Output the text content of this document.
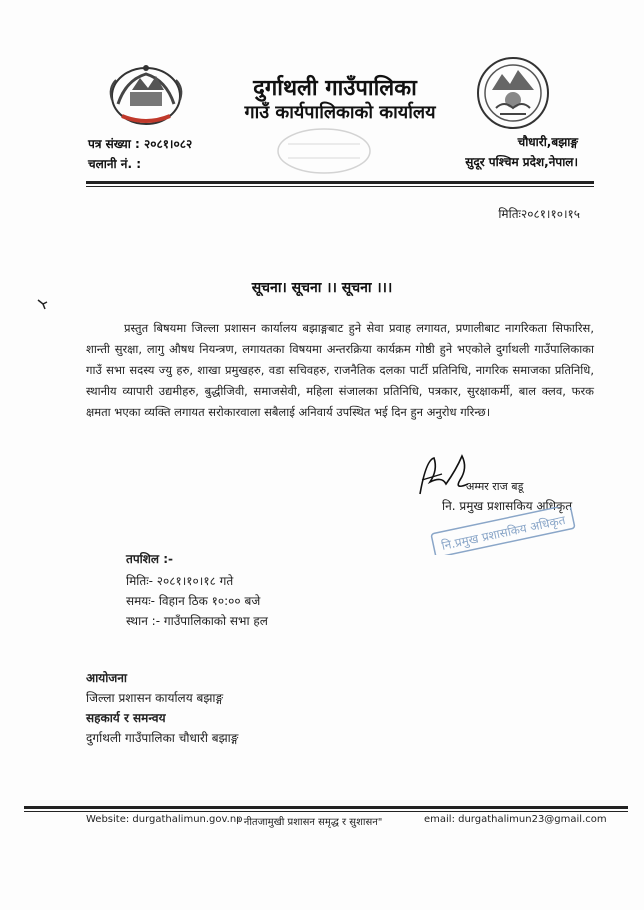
दुर्गाथली गाउँपालिका
गाउँ कार्यपालिकाको कार्यालय
पत्र संख्या : २०८१।०८२
चलानी नं. :
चौधारी,बझाङ्ग
सुदूर पश्चिम प्रदेश,नेपाल।
मितिः२०८१।१०।१५
सूचना। सूचना ।। सूचना ।।।
प्रस्तुत बिषयमा जिल्ला प्रशासन कार्यालय बझाङ्गबाट हुने सेवा प्रवाह लगायत, प्रणालीबाट नागरिकता सिफारिस, शान्ती सुरक्षा, लागु औषध नियन्त्रण, लगायतका विषयमा अन्तरक्रिया कार्यक्रम गोष्ठी हुने भएकोले दुर्गाथली गाउँपालिकाका गाउँ सभा सदस्य ज्यु हरु, शाखा प्रमुखहरु, वडा सचिवहरु, राजनैतिक दलका पार्टी प्रतिनिधि, नागरिक समाजका प्रतिनिधि, स्थानीय व्यापारी उद्यमीहरु, बुद्धीजिवी, समाजसेवी, महिला संजालका प्रतिनिधि, पत्रकार, सुरक्षाकर्मी, बाल क्लव, फरक क्षमता भएका व्यक्ति लगायत सरोकारवाला सबैलाई अनिवार्य उपस्थित भई दिन हुन अनुरोध गरिन्छ।
अम्मर राज बडू
नि. प्रमुख प्रशासकिय अधिकृत
नि.प्रमुख प्रशासकिय अधिकृत
तपशिल :-
मितिः- २०८१।१०।१८ गते
समयः- विहान ठिक १०:०० बजे
स्थान :- गाउँपालिकाको सभा हल
आयोजना
जिल्ला प्रशासन कार्यालय बझाङ्ग
सहकार्य र समन्वय
दुर्गाथली गाउँपालिका चौधारी बझाङ्ग
Website: durgathalimun.gov.np
" नीतजामुखी प्रशासन समृद्ध र सुशासन"	email: durgathalimun23@gmail.com
